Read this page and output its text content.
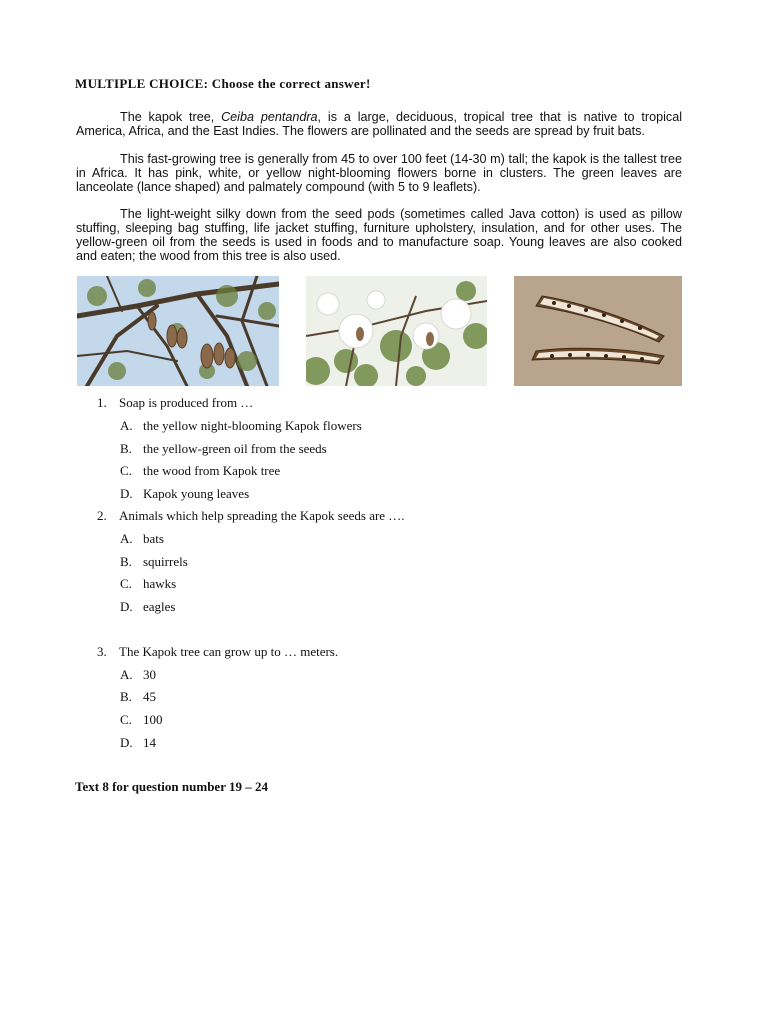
MULTIPLE CHOICE: Choose the correct answer!
The kapok tree, Ceiba pentandra, is a large, deciduous, tropical tree that is native to tropical America, Africa, and the East Indies. The flowers are pollinated and the seeds are spread by fruit bats.
This fast-growing tree is generally from 45 to over 100 feet (14-30 m) tall; the kapok is the tallest tree in Africa. It has pink, white, or yellow night-blooming flowers borne in clusters. The green leaves are lanceolate (lance shaped) and palmately compound (with 5 to 9 leaflets).
The light-weight silky down from the seed pods (sometimes called Java cotton) is used as pillow stuffing, sleeping bag stuffing, life jacket stuffing, furniture upholstery, insulation, and for other uses. The yellow-green oil from the seeds is used in foods and to manufacture soap. Young leaves are also cooked and eaten; the wood from this tree is also used.
1. Soap is produced from …
A. the yellow night-blooming Kapok flowers
B. the yellow-green oil from the seeds
C. the wood from Kapok tree
D. Kapok young leaves
2. Animals which help spreading the Kapok seeds are ….
A. bats
B. squirrels
C. hawks
D. eagles
3. The Kapok tree can grow up to … meters.
A. 30
B. 45
C. 100
D. 14
Text 8 for question number 19 – 24
